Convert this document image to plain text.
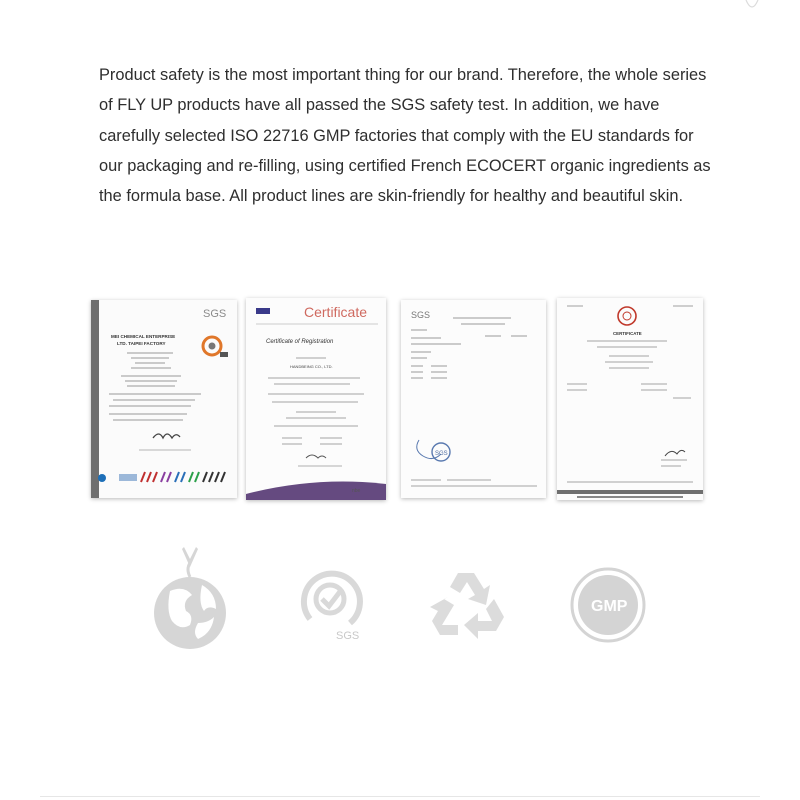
Product safety is the most important thing for our brand. Therefore, the whole series of FLY UP products have all passed the SGS safety test. In addition, we have carefully selected ISO 22716 GMP factories that comply with the EU standards for our packaging and re-filling, using certified French ECOCERT organic ingredients as the formula base. All product lines are skin-friendly for healthy and beautiful skin.

SGS
MEI CHEMICAL ENTERPRISE
LTD. TAIPEI FACTORY
Certificate
Certificate of Registration
HANDBEING CO., LTD.
nbe
SGS
SGS
CERTIFICATE
SGS
GMP
